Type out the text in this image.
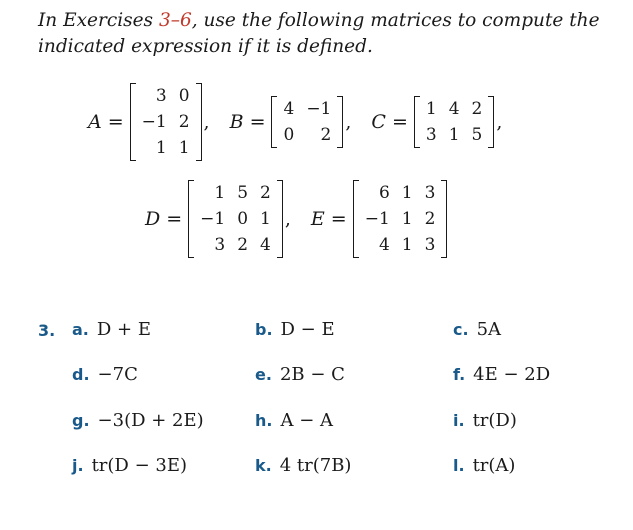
In Exercises 3–6, use the following matrices to compute the indicated expression if it is defined.
A =
3	0
−1	2
1	1
, B =
4	−1
0	2
, C =
1	4	2
3	1	5
,
D =
1	5	2
−1	0	1
3	2	4
, E =
6	1	3
−1	1	2
4	1	3
3. a. D + E	b. D − E	c. 5A
d. −7C	e. 2B − C	f. 4E − 2D
g. −3(D + 2E)	h. A − A	i. tr(D)
j. tr(D − 3E)	k. 4 tr(7B)	l. tr(A)
